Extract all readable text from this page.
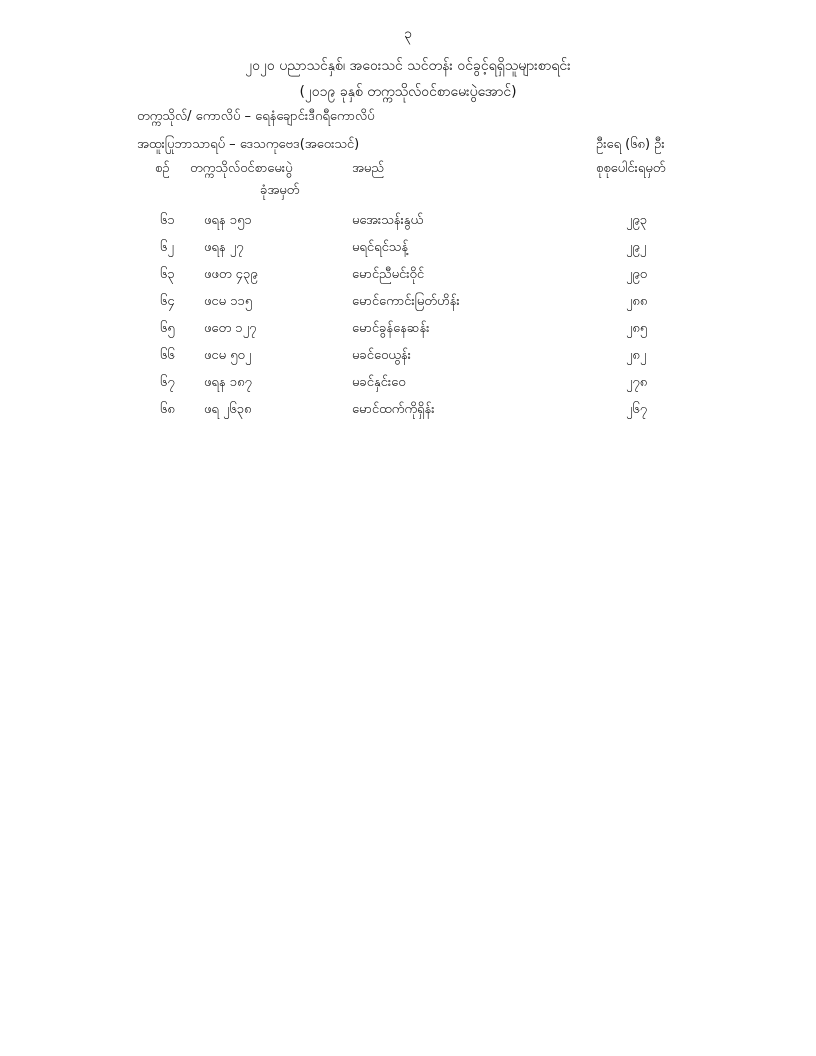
၃
၂၀၂၀ ပညာသင်နှစ်၊ အဝေးသင် သင်တန်း ဝင်ခွင့်ရရှိသူများစာရင်း
(၂၀၁၉ ခုနှစ် တက္ကသိုလ်ဝင်စာမေးပွဲအောင်)
တက္ကသိုလ်/ ကောလိပ် – ရေနံချောင်းဒီဂရီကောလိပ်
အထူးပြုဘာသာရပ် – ဒေသကုဗေဒ(အဝေးသင်)	ဦးရေ (၆၈) ဦး
စဉ် တက္ကသိုလ်ဝင်စာမေးပွဲ
ခုံအမှတ်
အမည်	စုစုပေါင်းရမှတ်
၆၁ ဖရန ၁၅၁	မအေးသန်းနွယ်	၂၉၃
၆၂ ဖရန ၂၇	မရင်ရင်သန့်	၂၉၂
၆၃ ဖဖတ ၄၃၉	မောင်ညီမင်းဝိုင်	၂၉၀
၆၄ ဖငမ ၁၁၅	မောင်ကောင်းမြတ်ဟိန်း	၂၈၈
၆၅ ဖတေ ၁၂၇	မောင်ခွန်နေဆန်း	၂၈၅
၆၆ ဖငမ ၅၀၂	မခင်ဝေယွန်း	၂၈၂
၆၇ ဖရန ၁၈၇	မခင်နှင်းဝေ	၂၇၈
၆၈ ဖရ ၂၆၃၈	မောင်ထက်ကိုရှိန်း	၂၆၇
